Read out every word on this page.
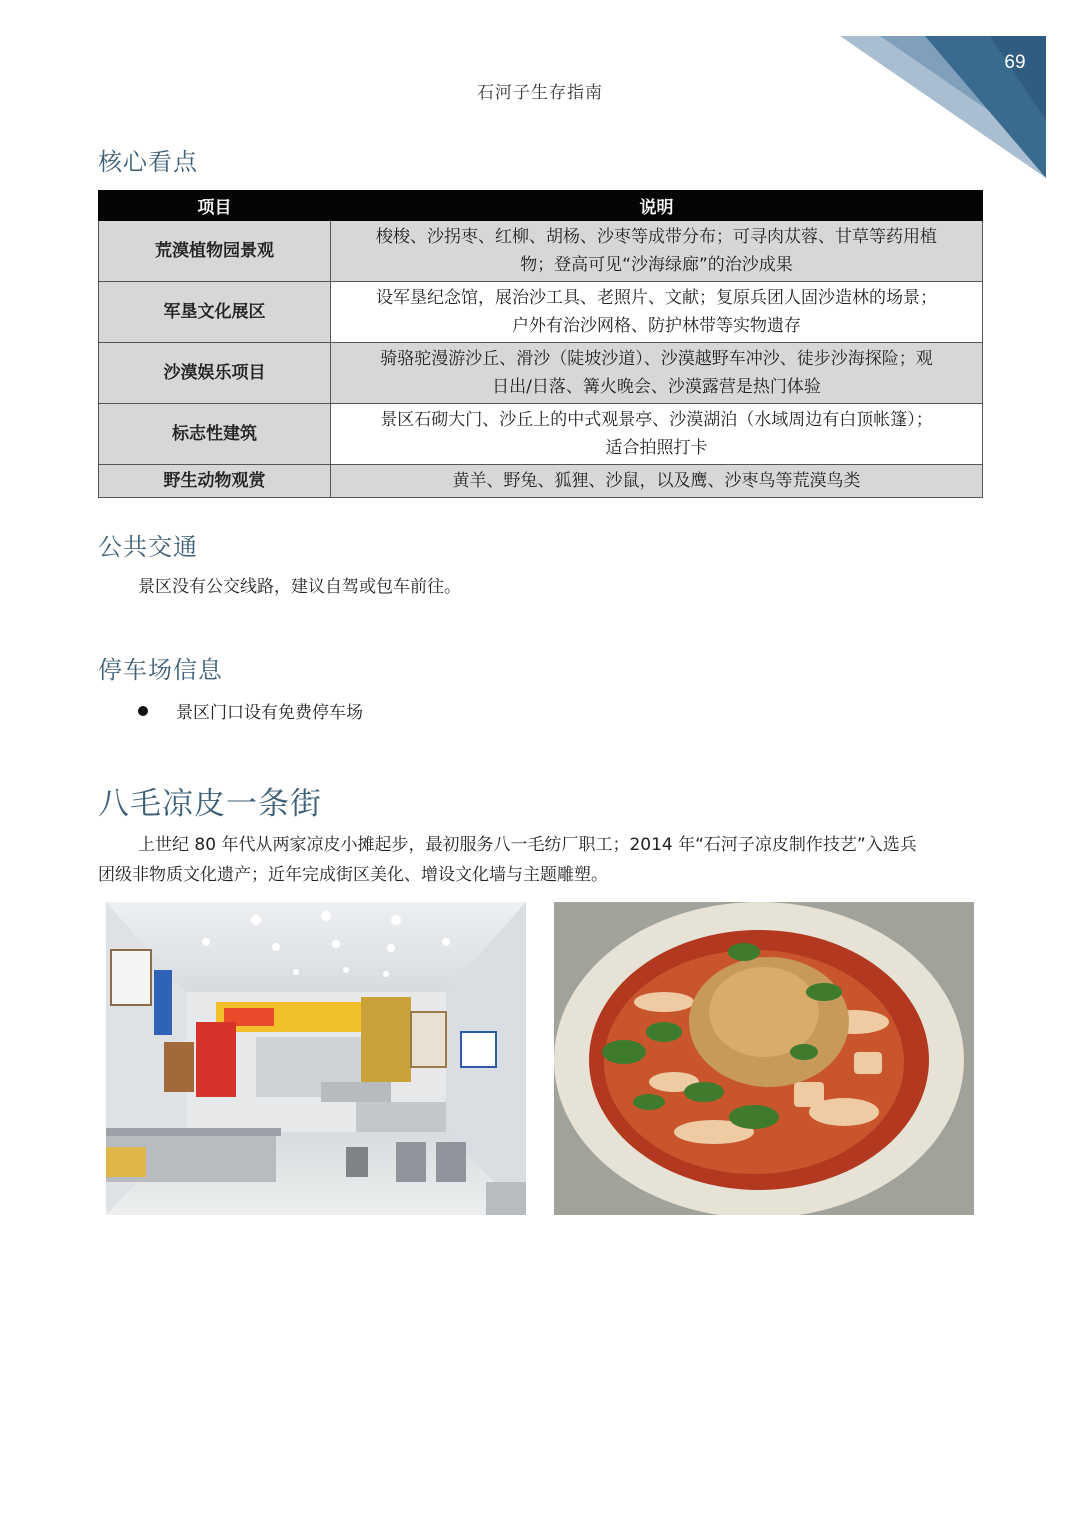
69
石河子生存指南
核心看点
项目	说明
荒漠植物园景观	梭梭、沙拐枣、红柳、胡杨、沙枣等成带分布；可寻肉苁蓉、甘草等药用植
物；登高可见“沙海绿廊”的治沙成果
军垦文化展区	设军垦纪念馆，展治沙工具、老照片、文献；复原兵团人固沙造林的场景；
户外有治沙网格、防护林带等实物遗存
沙漠娱乐项目	骑骆驼漫游沙丘、滑沙（陡坡沙道）、沙漠越野车冲沙、徒步沙海探险；观
日出/日落、篝火晚会、沙漠露营是热门体验
标志性建筑	景区石砌大门、沙丘上的中式观景亭、沙漠湖泊（水域周边有白顶帐篷）；
适合拍照打卡
野生动物观赏	黄羊、野兔、狐狸、沙鼠，以及鹰、沙枣鸟等荒漠鸟类
公共交通

景区没有公交线路，建议自驾或包车前往。

停车场信息
景区门口设有免费停车场
八毛凉皮一条街

上世纪 80 年代从两家凉皮小摊起步，最初服务八一毛纺厂职工；2014 年“石河子凉皮制作技艺”入选兵
团级非物质文化遗产；近年完成街区美化、增设文化墙与主题雕塑。
